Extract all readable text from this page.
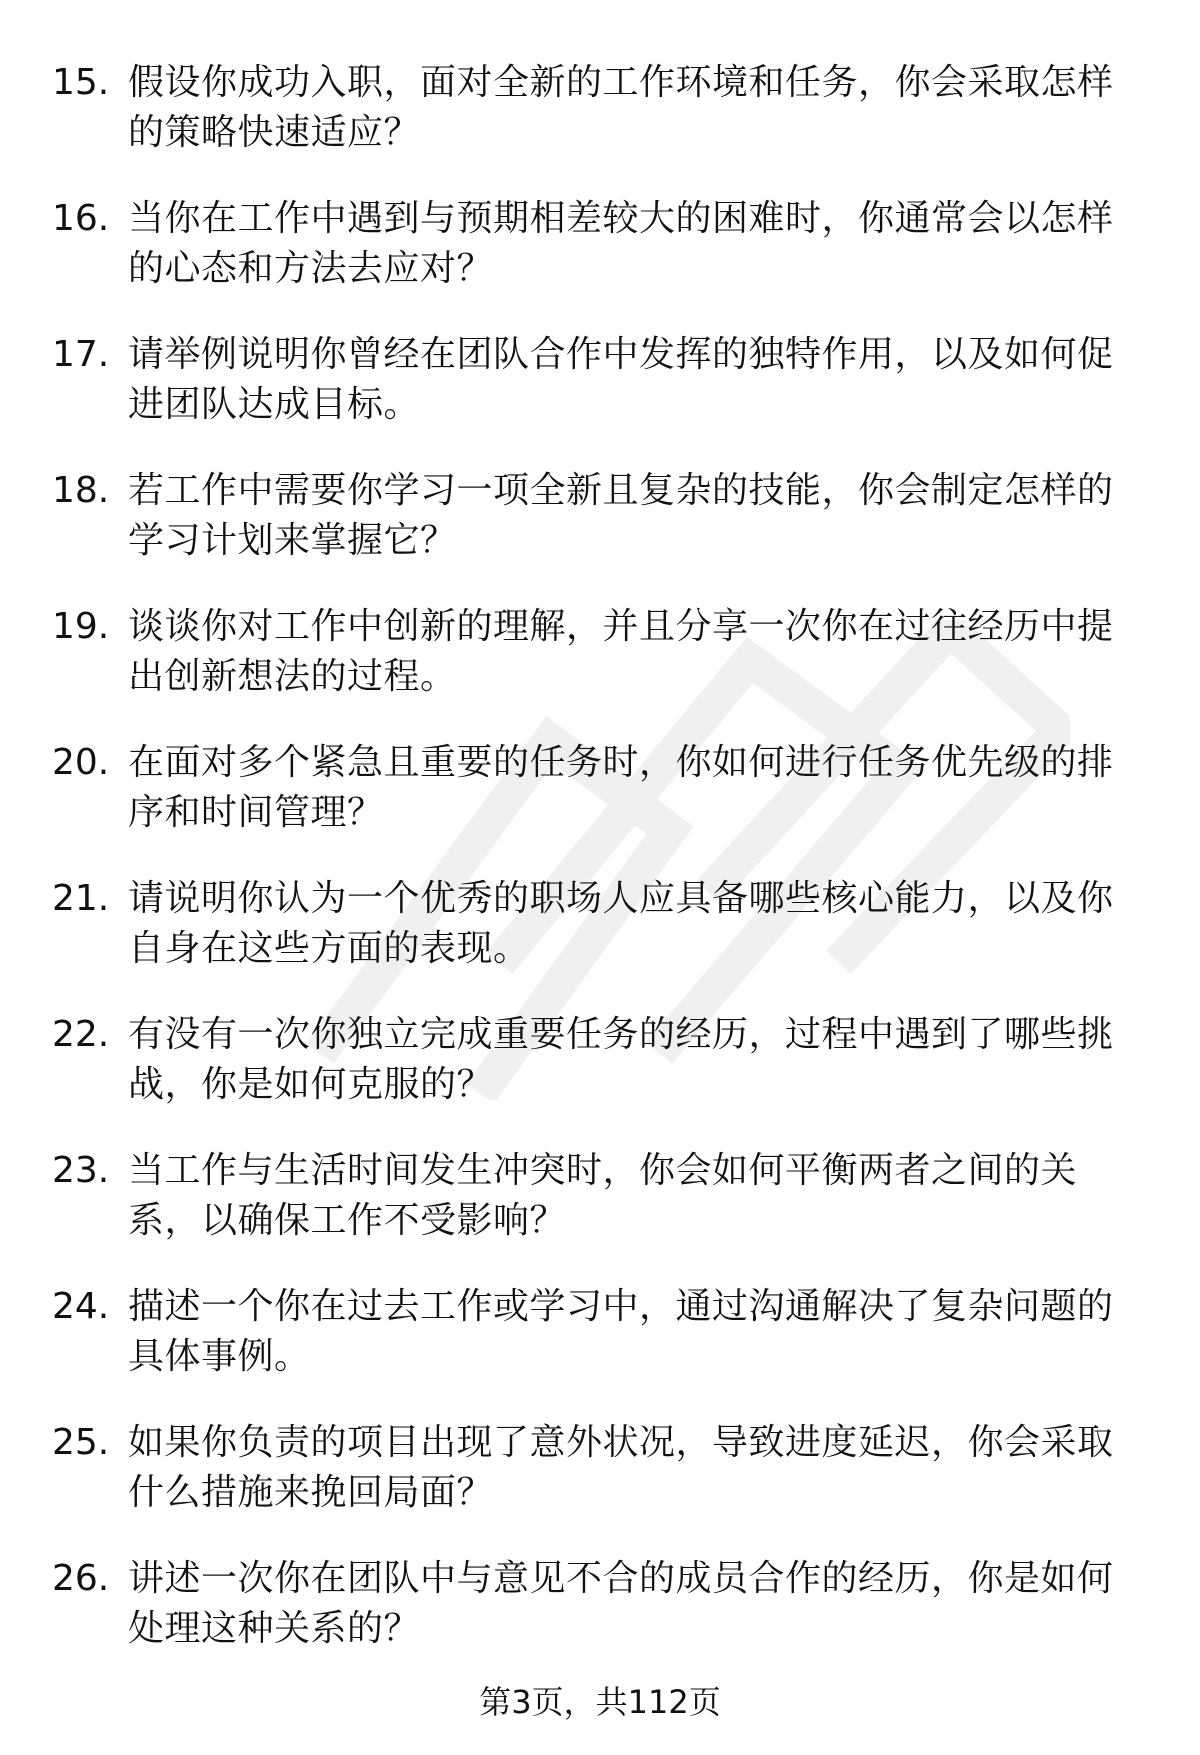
15. 假设你成功入职，面对全新的工作环境和任务，你会采取怎样的策略快速适应？
16. 当你在工作中遇到与预期相差较大的困难时，你通常会以怎样的心态和方法去应对？
17. 请举例说明你曾经在团队合作中发挥的独特作用，以及如何促进团队达成目标。
18. 若工作中需要你学习一项全新且复杂的技能，你会制定怎样的学习计划来掌握它？
19. 谈谈你对工作中创新的理解，并且分享一次你在过往经历中提出创新想法的过程。
20. 在面对多个紧急且重要的任务时，你如何进行任务优先级的排序和时间管理？
21. 请说明你认为一个优秀的职场人应具备哪些核心能力，以及你自身在这些方面的表现。
22. 有没有一次你独立完成重要任务的经历，过程中遇到了哪些挑战，你是如何克服的？
23. 当工作与生活时间发生冲突时，你会如何平衡两者之间的关系，以确保工作不受影响？
24. 描述一个你在过去工作或学习中，通过沟通解决了复杂问题的具体事例。
25. 如果你负责的项目出现了意外状况，导致进度延迟，你会采取什么措施来挽回局面？
26. 讲述一次你在团队中与意见不合的成员合作的经历，你是如何处理这种关系的？
第3页，共112页
